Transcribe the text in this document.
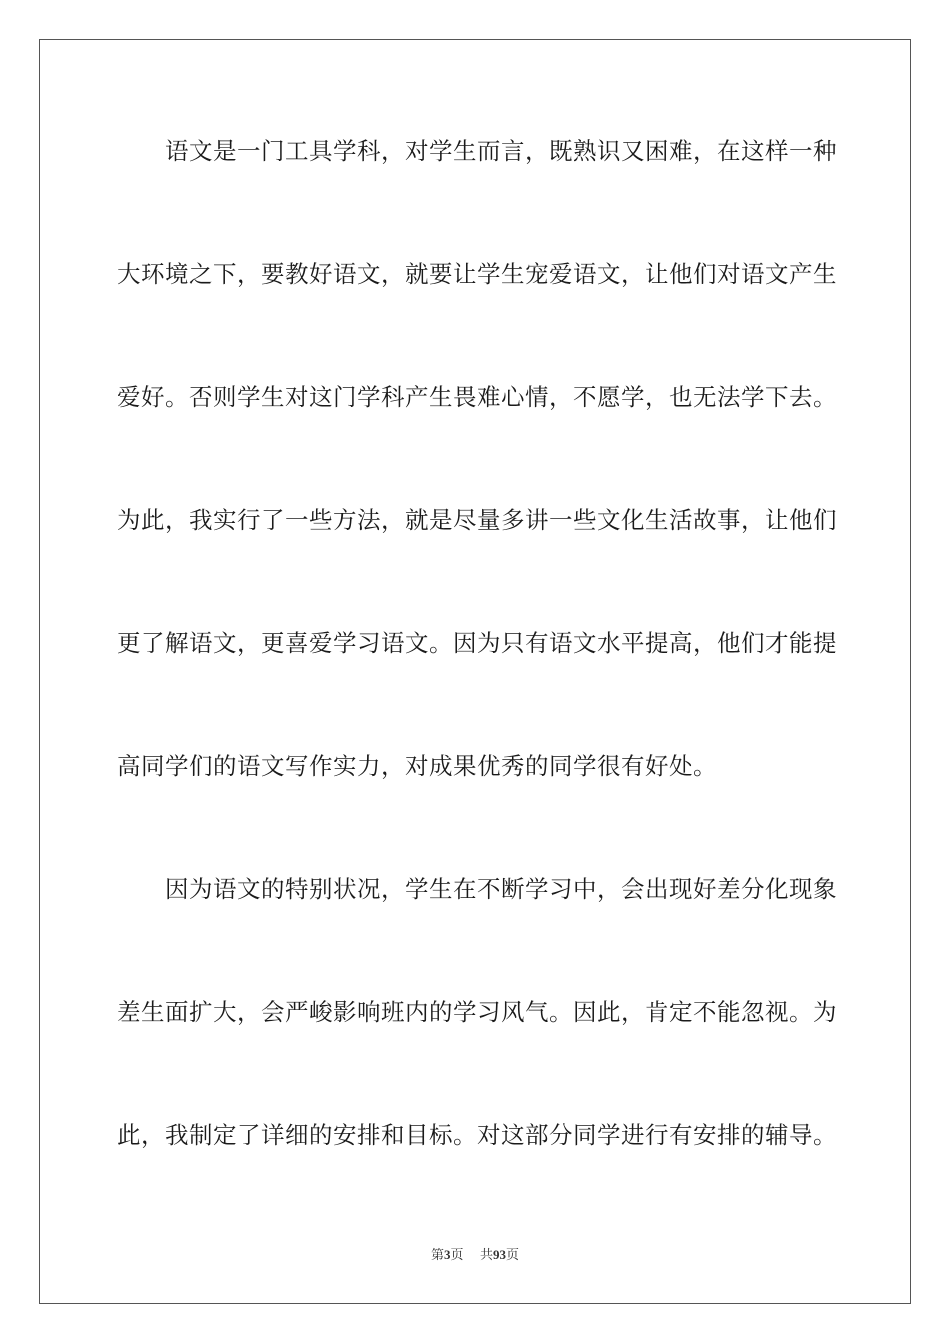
语文是一门工具学科，对学生而言，既熟识又困难，在这样一种
大环境之下，要教好语文，就要让学生宠爱语文，让他们对语文产生
爱好。否则学生对这门学科产生畏难心情，不愿学，也无法学下去。
为此，我实行了一些方法，就是尽量多讲一些文化生活故事，让他们
更了解语文，更喜爱学习语文。因为只有语文水平提高，他们才能提
高同学们的语文写作实力，对成果优秀的同学很有好处。
因为语文的特别状况，学生在不断学习中，会出现好差分化现象
差生面扩大，会严峻影响班内的学习风气。因此，肯定不能忽视。为
此，我制定了详细的安排和目标。对这部分同学进行有安排的辅导。
第3页 共93页
